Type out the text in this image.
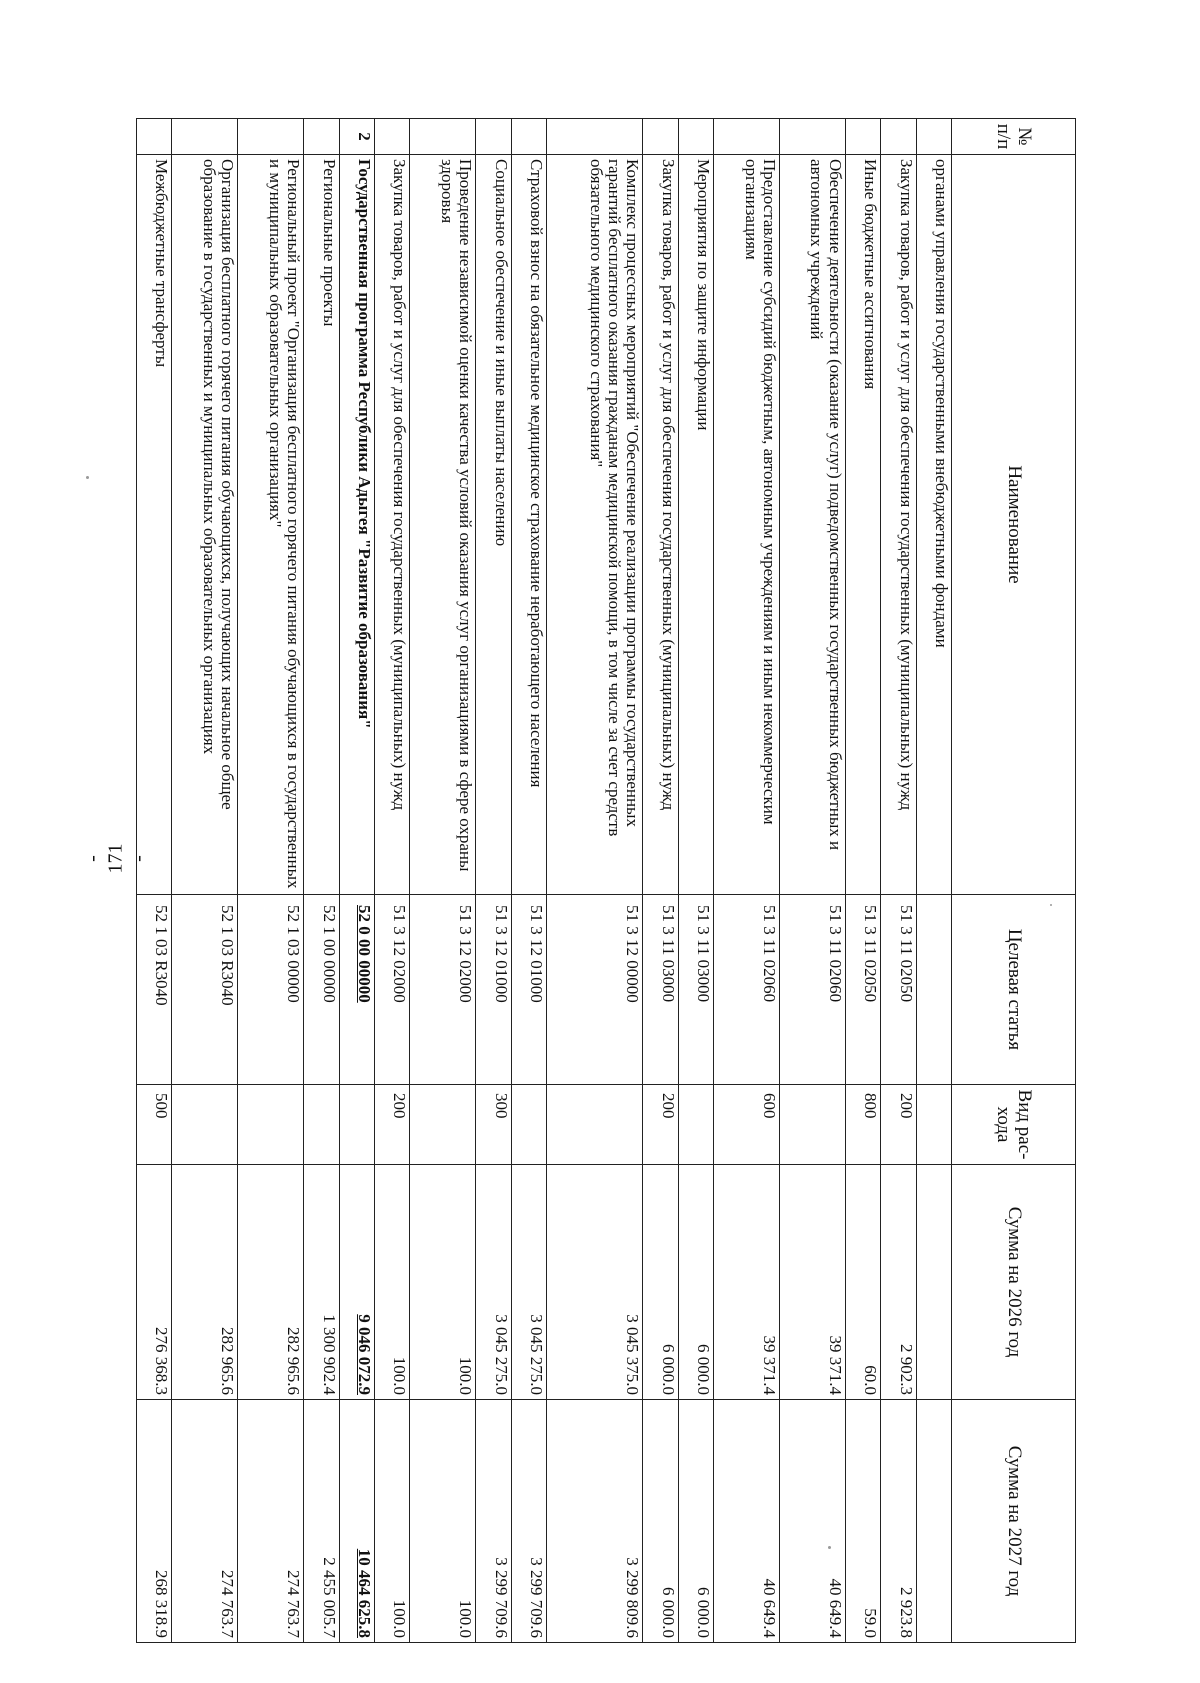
- 171 -
№ п/п	Наименование	Целевая статья	Вид рас-хода	Сумма на 2026 год	Сумма на 2027 год
	органами управления государственными внебюджетными фондами				
	Закупка товаров, работ и услуг для обеспечения государственных (муниципальных) нужд	51 3 11 02050	200	2 902.3	2 923.8
	Иные бюджетные ассигнования	51 3 11 02050	800	60.0	59.0
	Обеспечение деятельности (оказание услуг) подведомственных государственных бюджетных и автономных учреждений	51 3 11 02060		39 371.4	40 649.4
	Предоставление субсидий бюджетным, автономным учреждениям и иным некоммерческим организациям	51 3 11 02060	600	39 371.4	40 649.4
	Мероприятия по защите информации	51 3 11 03000		6 000.0	6 000.0
	Закупка товаров, работ и услуг для обеспечения государственных (муниципальных) нужд	51 3 11 03000	200	6 000.0	6 000.0
	Комплекс процессных мероприятий "Обеспечение реализации программы государственных гарантий бесплатного оказания гражданам медицинской помощи, в том числе за счет средств обязательного медицинского страхования"	51 3 12 00000		3 045 375.0	3 299 809.6
	Страховой взнос на обязательное медицинское страхование неработающего населения	51 3 12 01000		3 045 275.0	3 299 709.6
	Социальное обеспечение и иные выплаты населению	51 3 12 01000	300	3 045 275.0	3 299 709.6
	Проведение независимой оценки качества условий оказания услуг организациями в сфере охраны здоровья	51 3 12 02000		100.0	100.0
	Закупка товаров, работ и услуг для обеспечения государственных (муниципальных) нужд	51 3 12 02000	200	100.0	100.0
2	Государственная программа Республики Адыгея "Развитие образования"	52 0 00 00000		9 046 072.9	10 464 625.8
	Региональные проекты	52 1 00 00000		1 300 902.4	2 455 005.7
	Региональный проект "Организация бесплатного горячего питания обучающихся в государственных и муниципальных образовательных организациях"	52 1 03 00000		282 965.6	274 763.7
	Организация бесплатного горячего питания обучающихся, получающих начальное общее образование в государственных и муниципальных образовательных организациях	52 1 03 R3040		282 965.6	274 763.7
	Межбюджетные трансферты	52 1 03 R3040	500	276 368.3	268 318.9
